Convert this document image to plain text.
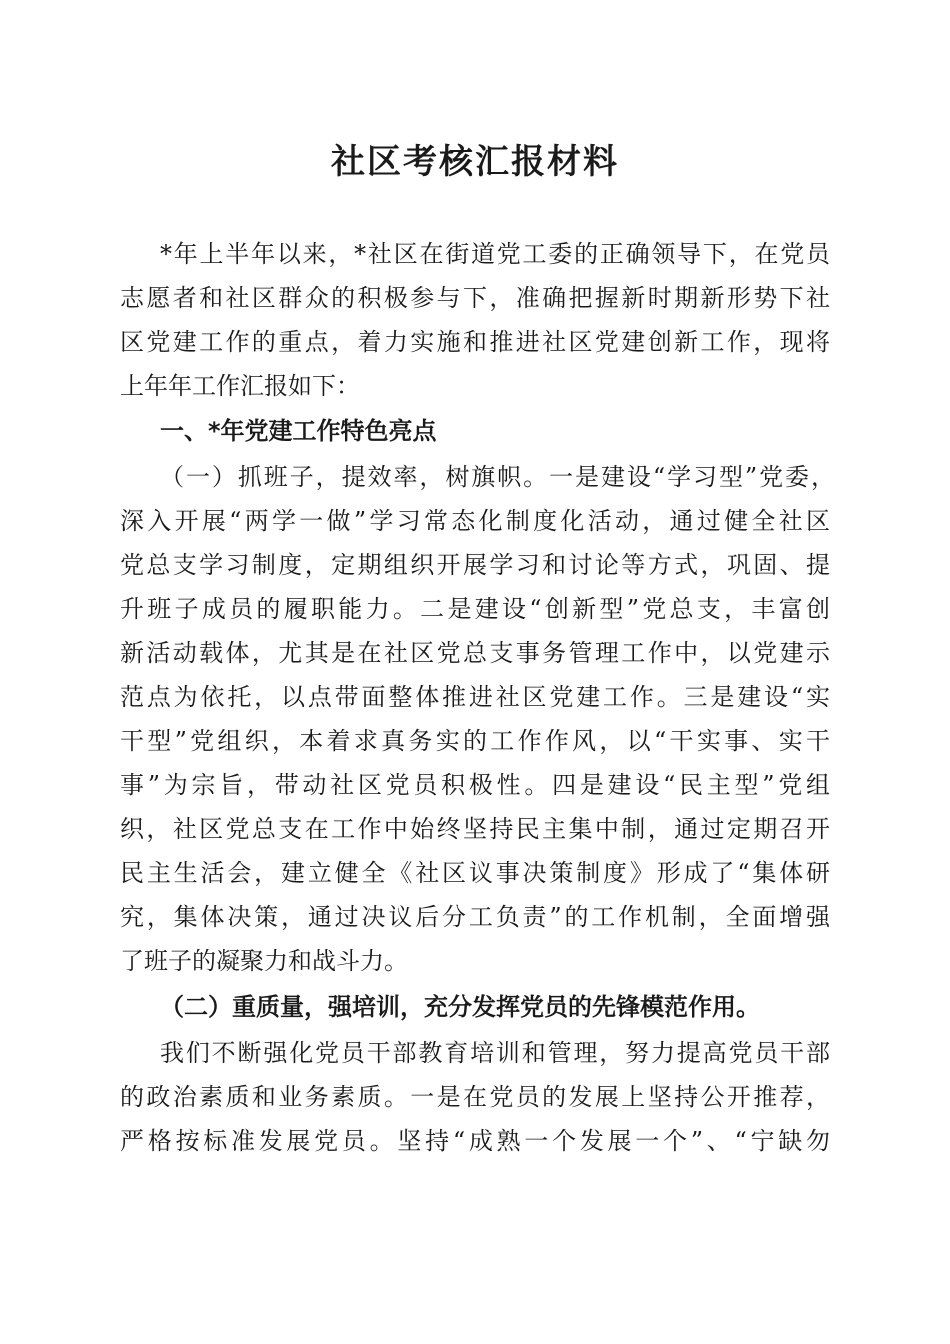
社区考核汇报材料
*年上半年以来，*社区在街道党工委的正确领导下，在党员
志愿者和社区群众的积极参与下，准确把握新时期新形势下社
区党建工作的重点，着力实施和推进社区党建创新工作，现将
上年年工作汇报如下：
一、*年党建工作特色亮点
（一）抓班子，提效率，树旗帜。一是建设“学习型”党委，
深入开展“两学一做”学习常态化制度化活动，通过健全社区
党总支学习制度，定期组织开展学习和讨论等方式，巩固、提
升班子成员的履职能力。二是建设“创新型”党总支，丰富创
新活动载体，尤其是在社区党总支事务管理工作中，以党建示
范点为依托，以点带面整体推进社区党建工作。三是建设“实
干型”党组织，本着求真务实的工作作风，以“干实事、实干
事”为宗旨，带动社区党员积极性。四是建设“民主型”党组
织，社区党总支在工作中始终坚持民主集中制，通过定期召开
民主生活会，建立健全《社区议事决策制度》形成了“集体研
究，集体决策，通过决议后分工负责”的工作机制，全面增强
了班子的凝聚力和战斗力。
（二）重质量，强培训，充分发挥党员的先锋模范作用。
我们不断强化党员干部教育培训和管理，努力提高党员干部
的政治素质和业务素质。一是在党员的发展上坚持公开推荐，
严格按标准发展党员。坚持“成熟一个发展一个”、“宁缺勿
